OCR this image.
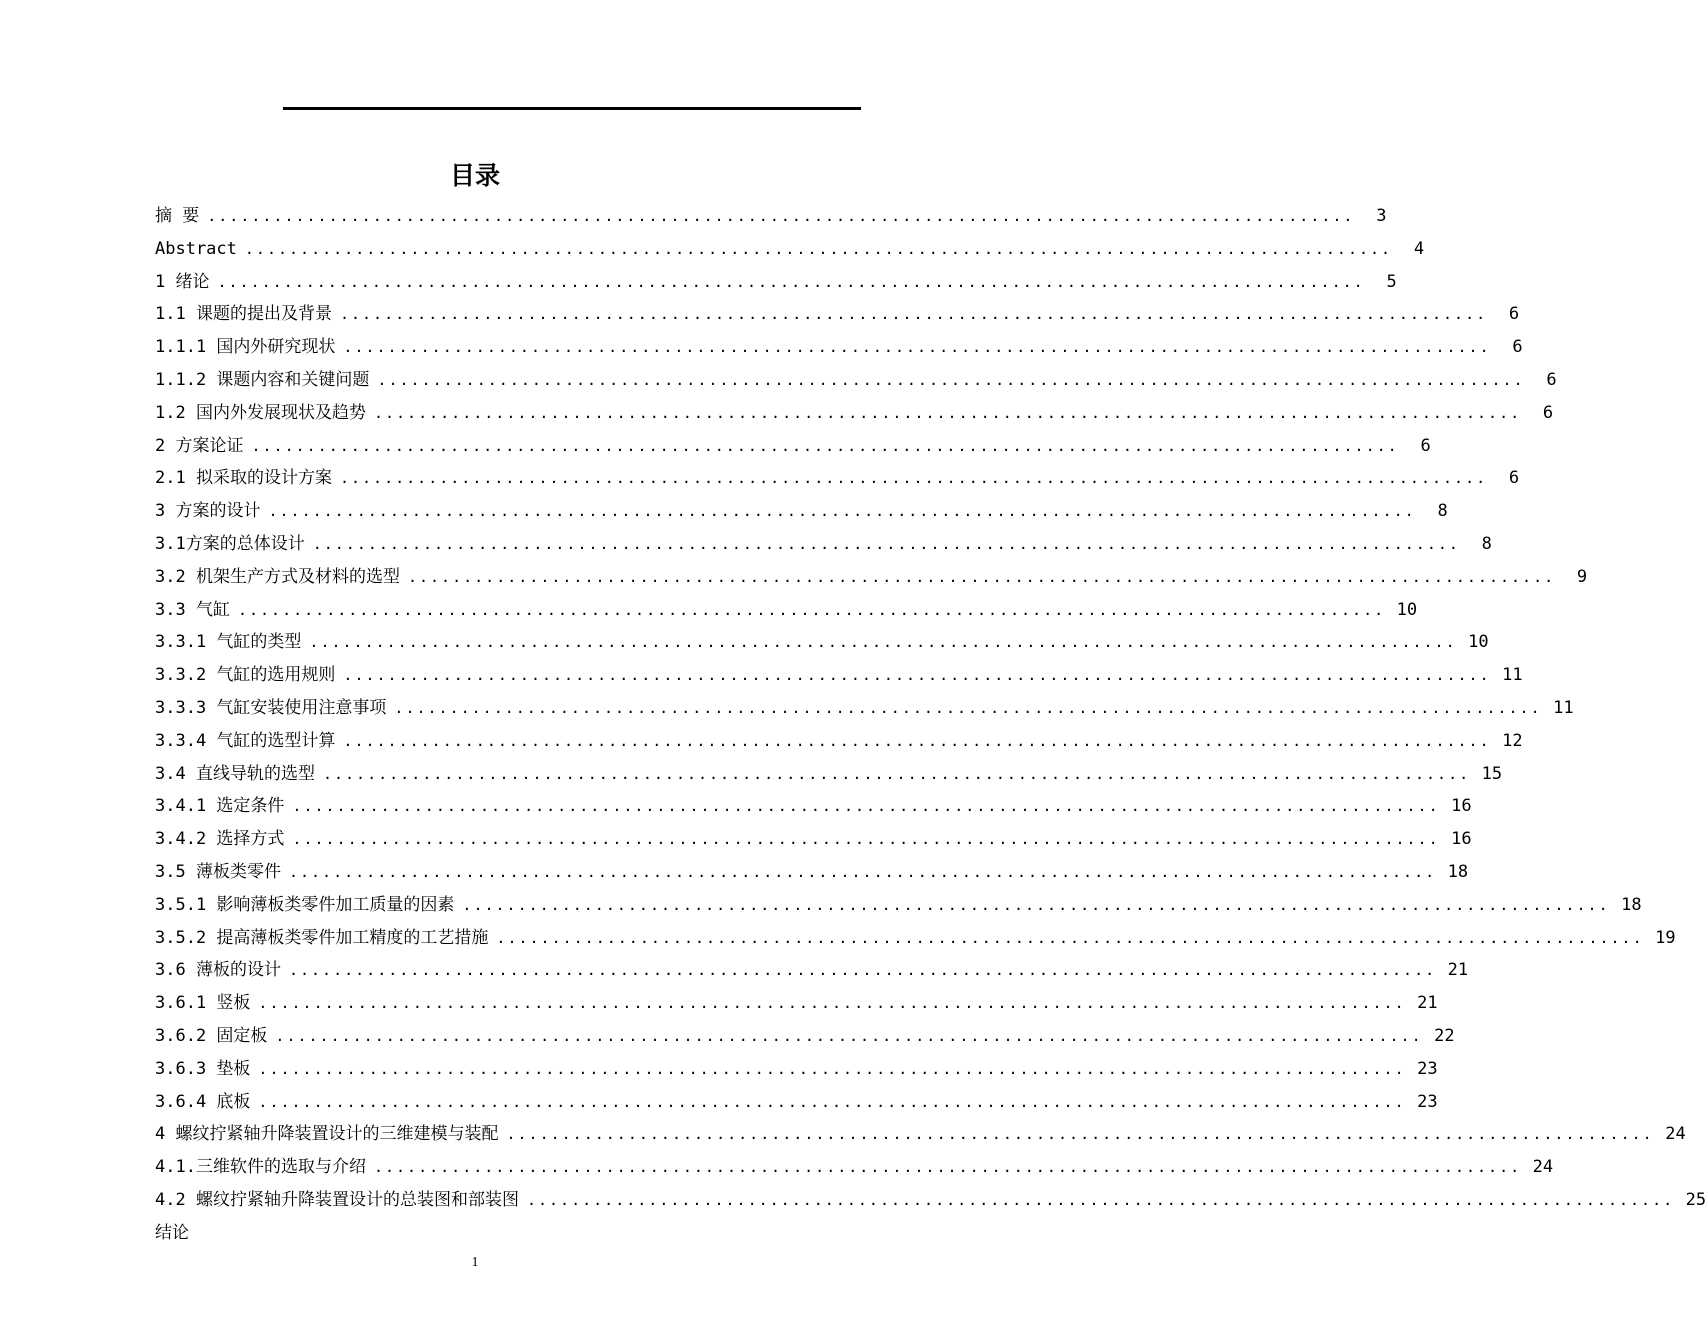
目录
摘 要 ........................................................................................................	3
Abstract ........................................................................................................	4
1 绪论 ........................................................................................................	5
1.1 课题的提出及背景 ........................................................................................................	6
1.1.1 国内外研究现状 ........................................................................................................	6
1.1.2 课题内容和关键问题 ........................................................................................................	6
1.2 国内外发展现状及趋势 ........................................................................................................	6
2 方案论证 ........................................................................................................	6
2.1 拟采取的设计方案 ........................................................................................................	6
3 方案的设计 ........................................................................................................	8
3.1方案的总体设计 ........................................................................................................	8
3.2 机架生产方式及材料的选型 ........................................................................................................	9
3.3 气缸 ........................................................................................................ 10
3.3.1 气缸的类型 ........................................................................................................ 10
3.3.2 气缸的选用规则 ........................................................................................................ 11
3.3.3 气缸安装使用注意事项 ........................................................................................................ 11
3.3.4 气缸的选型计算 ........................................................................................................ 12
3.4 直线导轨的选型 ........................................................................................................ 15
3.4.1 选定条件 ........................................................................................................ 16
3.4.2 选择方式 ........................................................................................................ 16
3.5 薄板类零件 ........................................................................................................ 18
3.5.1 影响薄板类零件加工质量的因素 ........................................................................................................ 18
3.5.2 提高薄板类零件加工精度的工艺措施 ........................................................................................................ 19
3.6 薄板的设计 ........................................................................................................ 21
3.6.1 竖板 ........................................................................................................ 21
3.6.2 固定板 ........................................................................................................ 22
3.6.3 垫板 ........................................................................................................ 23
3.6.4 底板 ........................................................................................................ 23
4 螺纹拧紧轴升降装置设计的三维建模与装配 ........................................................................................................ 24
4.1.三维软件的选取与介绍 ........................................................................................................ 24
4.2 螺纹拧紧轴升降装置设计的总装图和部装图 ........................................................................................................ 25
结论
1
